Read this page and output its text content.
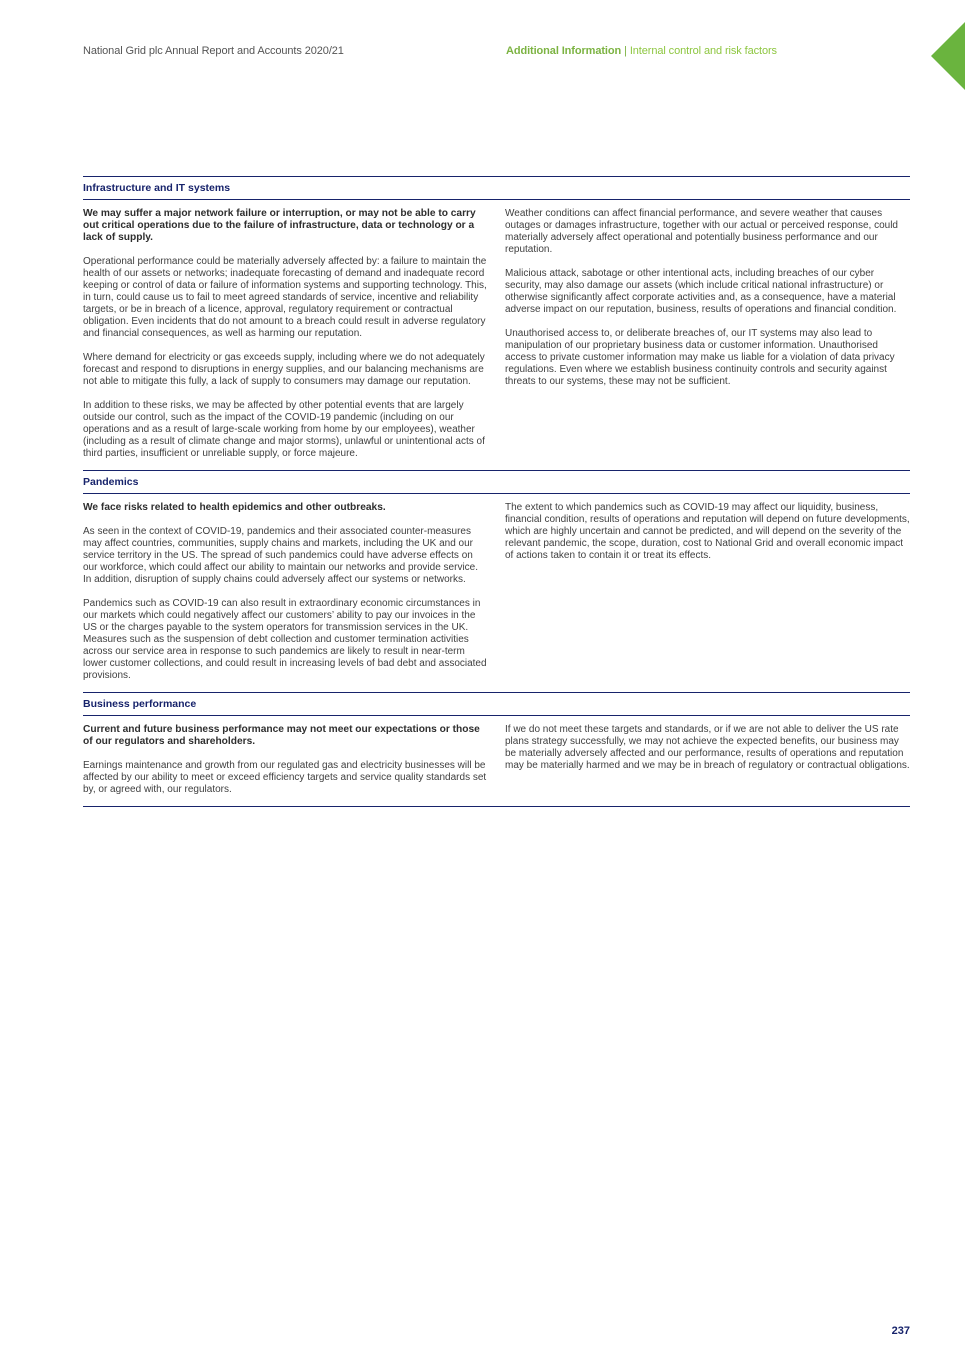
National Grid plc Annual Report and Accounts 2020/21	Additional Information | Internal control and risk factors
Infrastructure and IT systems

We may suffer a major network failure or interruption, or may not be able to carry out critical operations due to the failure of infrastructure, data or technology or a lack of supply.

Operational performance could be materially adversely affected by: a failure to maintain the health of our assets or networks; inadequate forecasting of demand and inadequate record keeping or control of data or failure of information systems and supporting technology. This, in turn, could cause us to fail to meet agreed standards of service, incentive and reliability targets, or be in breach of a licence, approval, regulatory requirement or contractual obligation. Even incidents that do not amount to a breach could result in adverse regulatory and financial consequences, as well as harming our reputation.

Where demand for electricity or gas exceeds supply, including where we do not adequately forecast and respond to disruptions in energy supplies, and our balancing mechanisms are not able to mitigate this fully, a lack of supply to consumers may damage our reputation.

In addition to these risks, we may be affected by other potential events that are largely outside our control, such as the impact of the COVID-19 pandemic (including on our operations and as a result of large-scale working from home by our employees), weather (including as a result of climate change and major storms), unlawful or unintentional acts of third parties, insufficient or unreliable supply, or force majeure.

Weather conditions can affect financial performance, and severe weather that causes outages or damages infrastructure, together with our actual or perceived response, could materially adversely affect operational and potentially business performance and our reputation.

Malicious attack, sabotage or other intentional acts, including breaches of our cyber security, may also damage our assets (which include critical national infrastructure) or otherwise significantly affect corporate activities and, as a consequence, have a material adverse impact on our reputation, business, results of operations and financial condition.

Unauthorised access to, or deliberate breaches of, our IT systems may also lead to manipulation of our proprietary business data or customer information. Unauthorised access to private customer information may make us liable for a violation of data privacy regulations. Even where we establish business continuity controls and security against threats to our systems, these may not be sufficient.

Pandemics

We face risks related to health epidemics and other outbreaks.

As seen in the context of COVID-19, pandemics and their associated counter-measures may affect countries, communities, supply chains and markets, including the UK and our service territory in the US. The spread of such pandemics could have adverse effects on our workforce, which could affect our ability to maintain our networks and provide service. In addition, disruption of supply chains could adversely affect our systems or networks.

Pandemics such as COVID-19 can also result in extraordinary economic circumstances in our markets which could negatively affect our customers’ ability to pay our invoices in the US or the charges payable to the system operators for transmission services in the UK. Measures such as the suspension of debt collection and customer termination activities across our service area in response to such pandemics are likely to result in near-term lower customer collections, and could result in increasing levels of bad debt and associated provisions.

The extent to which pandemics such as COVID-19 may affect our liquidity, business, financial condition, results of operations and reputation will depend on future developments, which are highly uncertain and cannot be predicted, and will depend on the severity of the relevant pandemic, the scope, duration, cost to National Grid and overall economic impact of actions taken to contain it or treat its effects.

Business performance

Current and future business performance may not meet our expectations or those of our regulators and shareholders.

Earnings maintenance and growth from our regulated gas and electricity businesses will be affected by our ability to meet or exceed efficiency targets and service quality standards set by, or agreed with, our regulators.

If we do not meet these targets and standards, or if we are not able to deliver the US rate plans strategy successfully, we may not achieve the expected benefits, our business may be materially adversely affected and our performance, results of operations and reputation may be materially harmed and we may be in breach of regulatory or contractual obligations.

237
